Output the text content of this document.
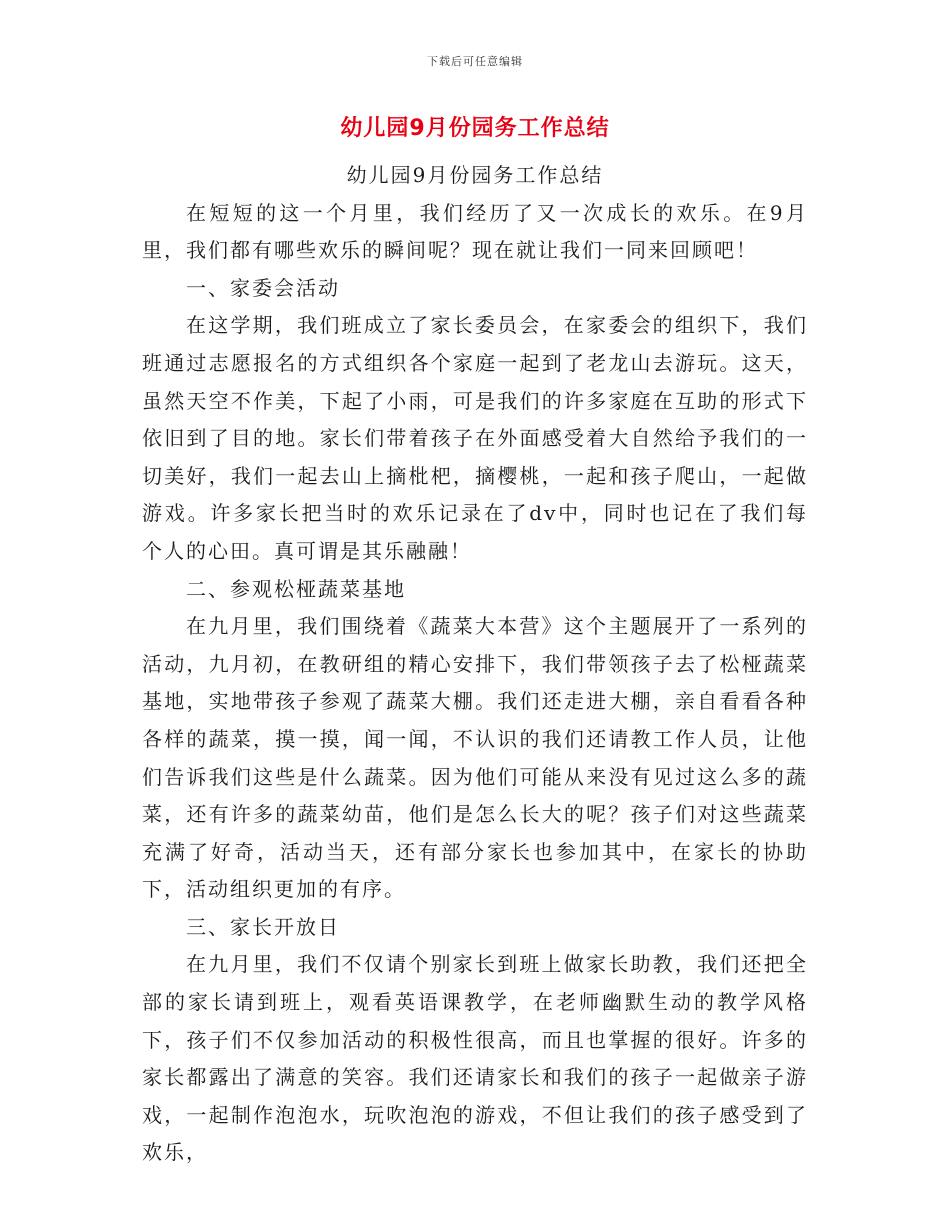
下载后可任意编辑
幼儿园9月份园务工作总结

幼儿园9月份园务工作总结

在短短的这一个月里，我们经历了又一次成长的欢乐。在9月里，我们都有哪些欢乐的瞬间呢？现在就让我们一同来回顾吧！

一、家委会活动

在这学期，我们班成立了家长委员会，在家委会的组织下，我们班通过志愿报名的方式组织各个家庭一起到了老龙山去游玩。这天，虽然天空不作美，下起了小雨，可是我们的许多家庭在互助的形式下依旧到了目的地。家长们带着孩子在外面感受着大自然给予我们的一切美好，我们一起去山上摘枇杷，摘樱桃，一起和孩子爬山，一起做游戏。许多家长把当时的欢乐记录在了dv中，同时也记在了我们每个人的心田。真可谓是其乐融融！

二、参观松桠蔬菜基地

在九月里，我们围绕着《蔬菜大本营》这个主题展开了一系列的活动，九月初，在教研组的精心安排下，我们带领孩子去了松桠蔬菜基地，实地带孩子参观了蔬菜大棚。我们还走进大棚，亲自看看各种各样的蔬菜，摸一摸，闻一闻，不认识的我们还请教工作人员，让他们告诉我们这些是什么蔬菜。因为他们可能从来没有见过这么多的蔬菜，还有许多的蔬菜幼苗，他们是怎么长大的呢？孩子们对这些蔬菜充满了好奇，活动当天，还有部分家长也参加其中，在家长的协助下，活动组织更加的有序。

三、家长开放日

在九月里，我们不仅请个别家长到班上做家长助教，我们还把全部的家长请到班上，观看英语课教学，在老师幽默生动的教学风格下，孩子们不仅参加活动的积极性很高，而且也掌握的很好。许多的家长都露出了满意的笑容。我们还请家长和我们的孩子一起做亲子游戏，一起制作泡泡水，玩吹泡泡的游戏，不但让我们的孩子感受到了欢乐，
